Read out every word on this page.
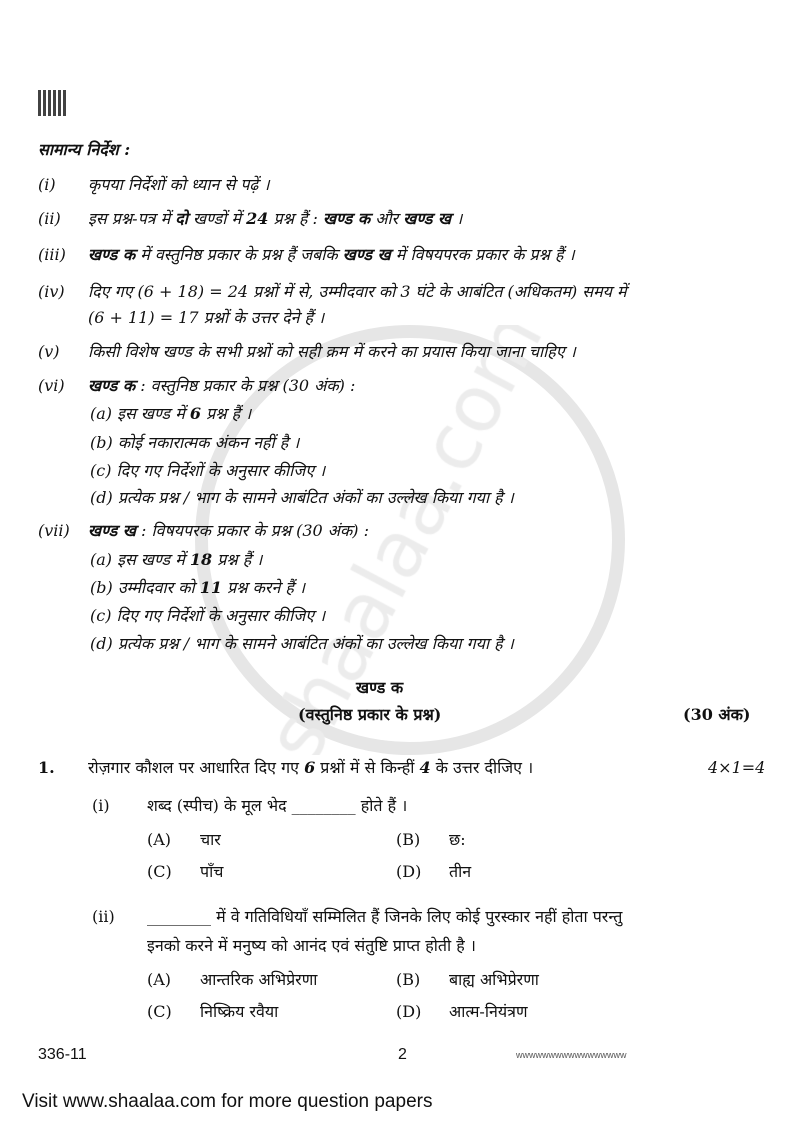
सामान्य निर्देश :
(i) कृपया निर्देशों को ध्यान से पढ़ें ।
(ii) इस प्रश्न-पत्र में दो खण्डों में 24 प्रश्न हैं : खण्ड क और खण्ड ख ।
(iii) खण्ड क में वस्तुनिष्ठ प्रकार के प्रश्न हैं जबकि खण्ड ख में विषयपरक प्रकार के प्रश्न हैं ।
(iv) दिए गए (6 + 18) = 24 प्रश्नों में से, उम्मीदवार को 3 घंटे के आबंटित (अधिकतम) समय में
(6 + 11) = 17 प्रश्नों के उत्तर देने हैं ।
(v) किसी विशेष खण्ड के सभी प्रश्नों को सही क्रम में करने का प्रयास किया जाना चाहिए ।
(vi) खण्ड क : वस्तुनिष्ठ प्रकार के प्रश्न (30 अंक) :
(a) इस खण्ड में 6 प्रश्न हैं ।
(b) कोई नकारात्मक अंकन नहीं है ।
(c) दिए गए निर्देशों के अनुसार कीजिए ।
(d) प्रत्येक प्रश्न / भाग के सामने आबंटित अंकों का उल्लेख किया गया है ।
(vii) खण्ड ख : विषयपरक प्रकार के प्रश्न (30 अंक) :
(a) इस खण्ड में 18 प्रश्न हैं ।
(b) उम्मीदवार को 11 प्रश्न करने हैं ।
(c) दिए गए निर्देशों के अनुसार कीजिए ।
(d) प्रत्येक प्रश्न / भाग के सामने आबंटित अंकों का उल्लेख किया गया है ।
खण्ड क
(वस्तुनिष्ठ प्रकार के प्रश्न)	(30 अंक)
1. रोज़गार कौशल पर आधारित दिए गए 6 प्रश्नों में से किन्हीं 4 के उत्तर दीजिए ।	4×1=4
(i) शब्द (स्पीच) के मूल भेद ________ होते हैं ।
(A) चार	(B) छ:
(C) पाँच	(D) तीन
(ii) ________ में वे गतिविधियाँ सम्मिलित हैं जिनके लिए कोई पुरस्कार नहीं होता परन्तु
इनको करने में मनुष्य को आनंद एवं संतुष्टि प्राप्त होती है ।
(A) आन्तरिक अभिप्रेरणा	(B) बाह्य अभिप्रेरणा
(C) निष्क्रिय रवैया	(D) आत्म-नियंत्रण
336-11	2	wwwwwwwwwwwwwwwww
Visit www.shaalaa.com for more question papers
